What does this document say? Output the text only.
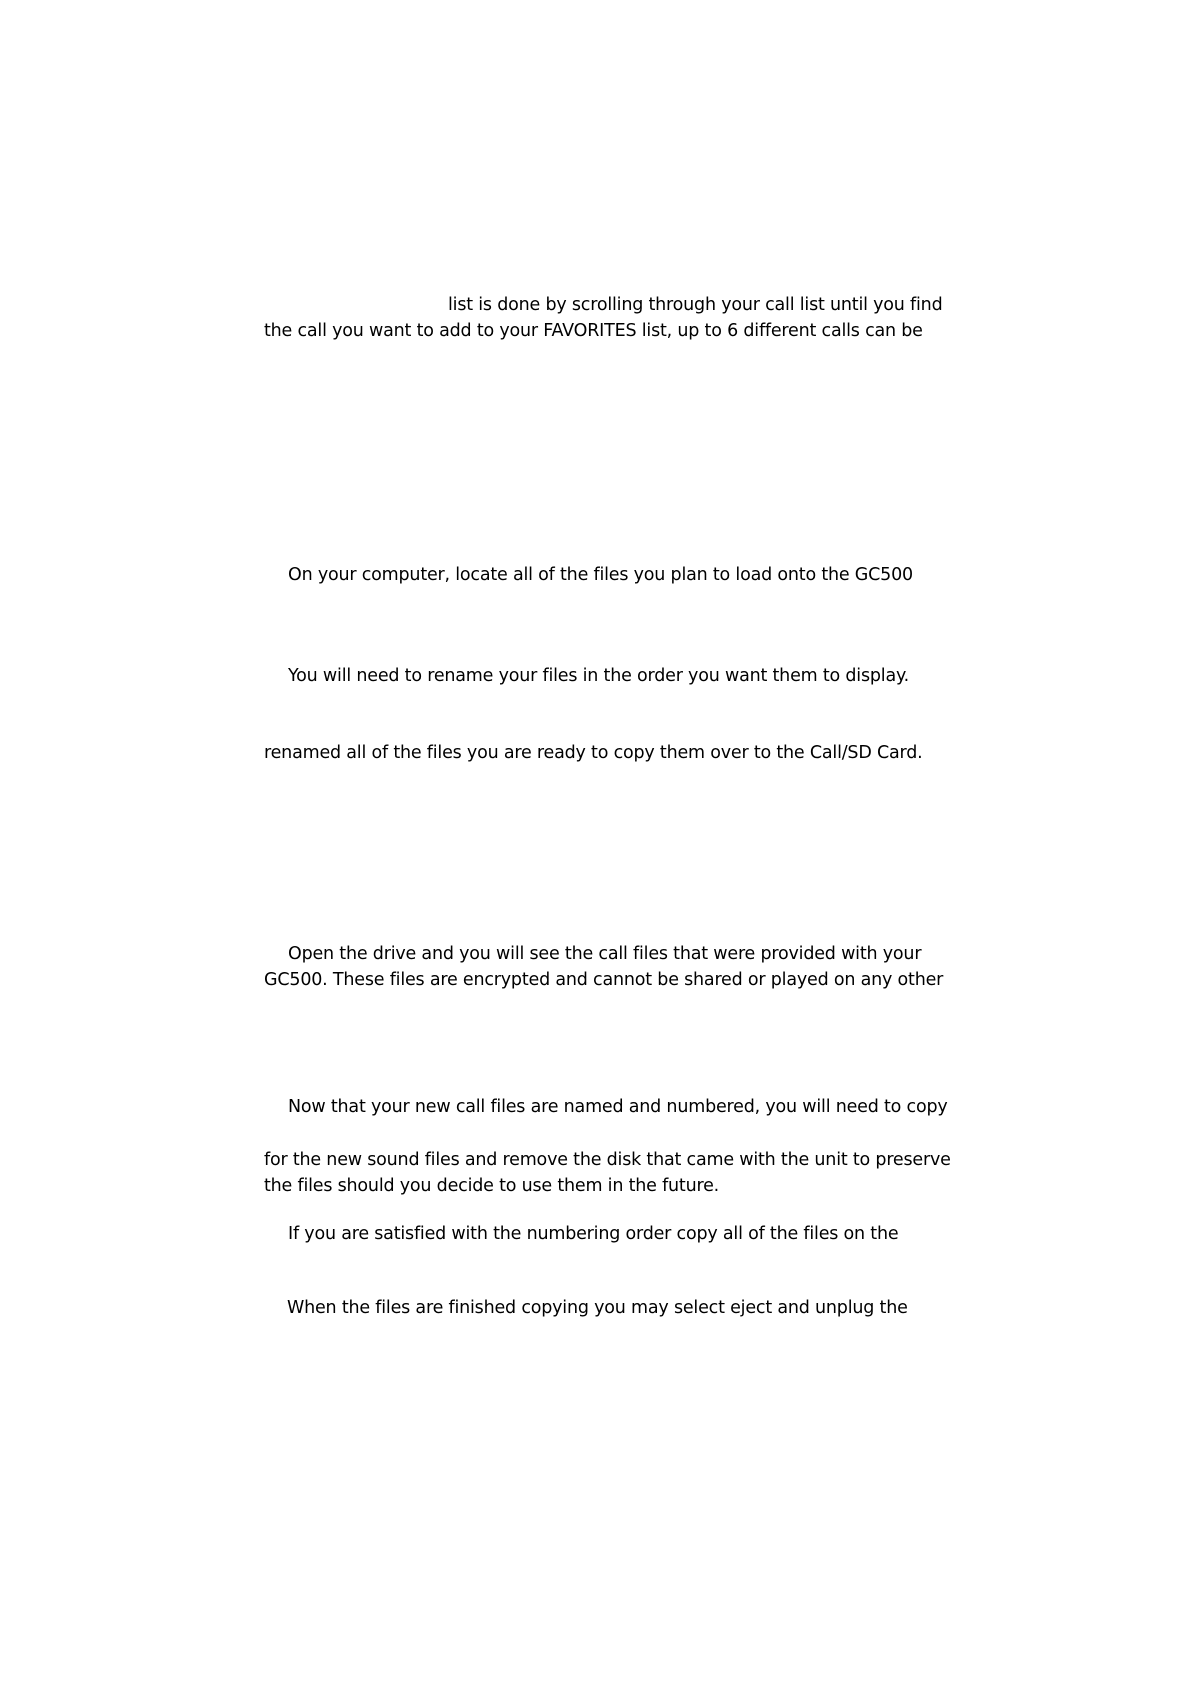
list is done by scrolling through your call list until you find
the call you want to add to your FAVORITES list, up to 6 different calls can be
On your computer, locate all of the files you plan to load onto the GC500
You will need to rename your files in the order you want them to display.
renamed all of the files you are ready to copy them over to the Call/SD Card.
Open the drive and you will see the call files that were provided with your
GC500. These files are encrypted and cannot be shared or played on any other
Now that your new call files are named and numbered, you will need to copy
for the new sound files and remove the disk that came with the unit to preserve
the files should you decide to use them in the future.
If you are satisfied with the numbering order copy all of the files on the
When the files are finished copying you may select eject and unplug the
